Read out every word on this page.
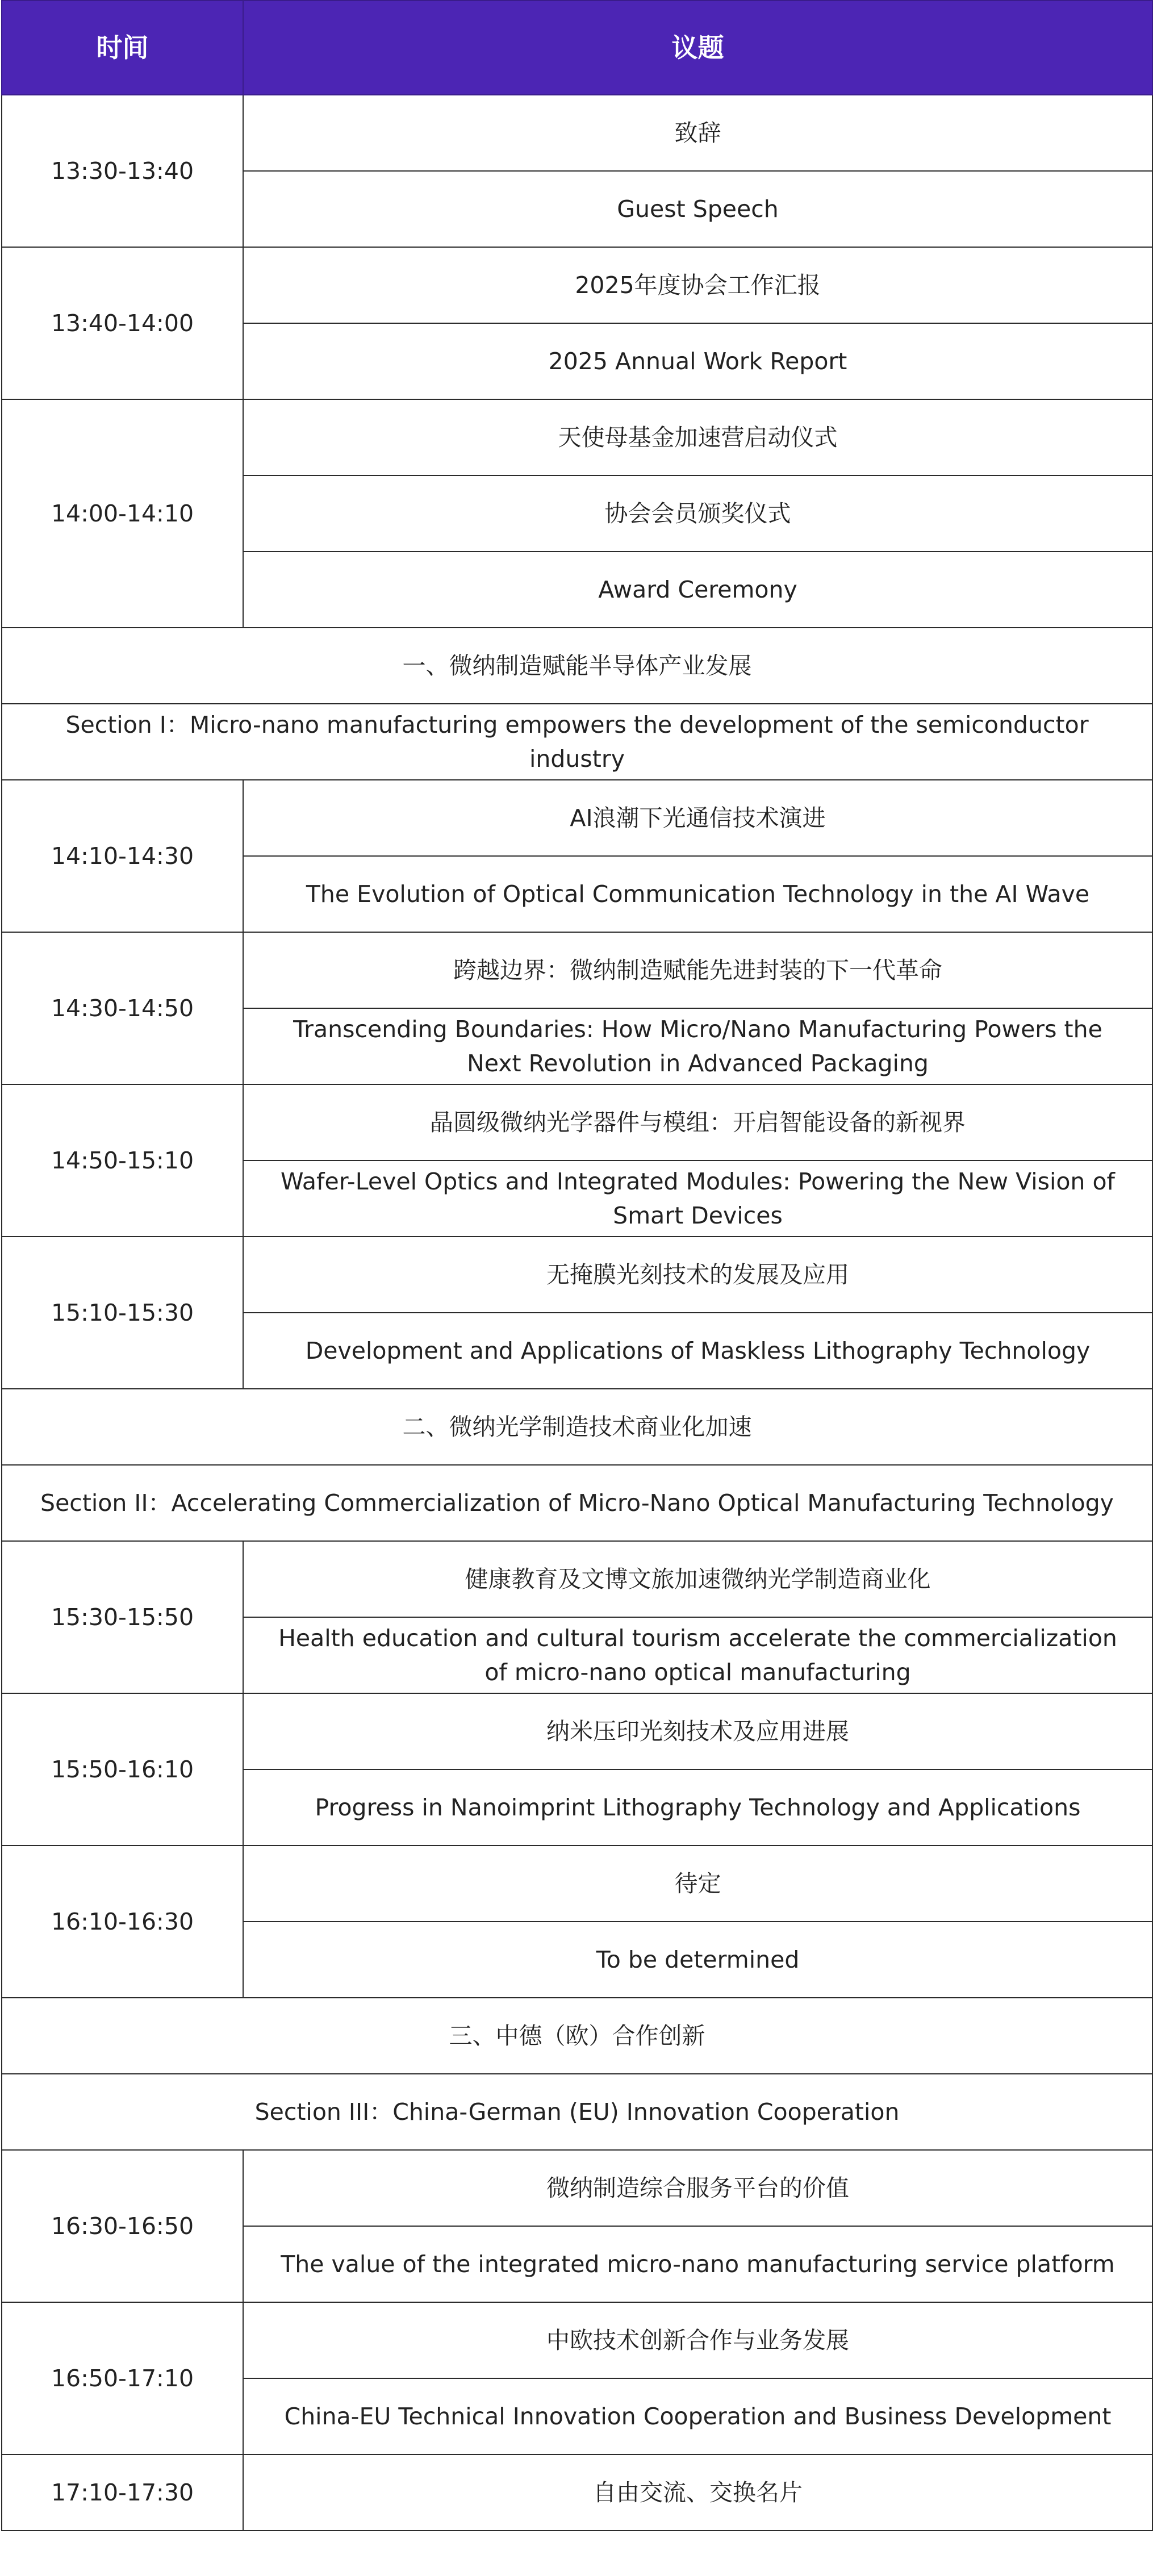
时间	议题
13:30-13:40	致辞
	Guest Speech
13:40-14:00	2025年度协会工作汇报
	2025 Annual Work Report
14:00-14:10	天使母基金加速营启动仪式
	协会会员颁奖仪式
	Award Ceremony
一、微纳制造赋能半导体产业发展	
Section I：Micro-nano manufacturing empowers the development of the semiconductor industry	
14:10-14:30	AI浪潮下光通信技术演进
	The Evolution of Optical Communication Technology in the AI Wave
14:30-14:50	跨越边界：微纳制造赋能先进封装的下一代革命
	Transcending Boundaries: How Micro/Nano Manufacturing Powers the Next Revolution in Advanced Packaging
14:50-15:10	晶圆级微纳光学器件与模组：开启智能设备的新视界
	Wafer-Level Optics and Integrated Modules: Powering the New Vision of Smart Devices
15:10-15:30	无掩膜光刻技术的发展及应用
	Development and Applications of Maskless Lithography Technology
二、微纳光学制造技术商业化加速	
Section II：Accelerating Commercialization of Micro-Nano Optical Manufacturing Technology	
15:30-15:50	健康教育及文博文旅加速微纳光学制造商业化
	Health education and cultural tourism accelerate the commercialization of micro-nano optical manufacturing
15:50-16:10	纳米压印光刻技术及应用进展
	Progress in Nanoimprint Lithography Technology and Applications
16:10-16:30	待定
	To be determined
三、中德（欧）合作创新	
Section III：China-German (EU) Innovation Cooperation	
16:30-16:50	微纳制造综合服务平台的价值
	The value of the integrated micro-nano manufacturing service platform
16:50-17:10	中欧技术创新合作与业务发展
	China-EU Technical Innovation Cooperation and Business Development
17:10-17:30	自由交流、交换名片
